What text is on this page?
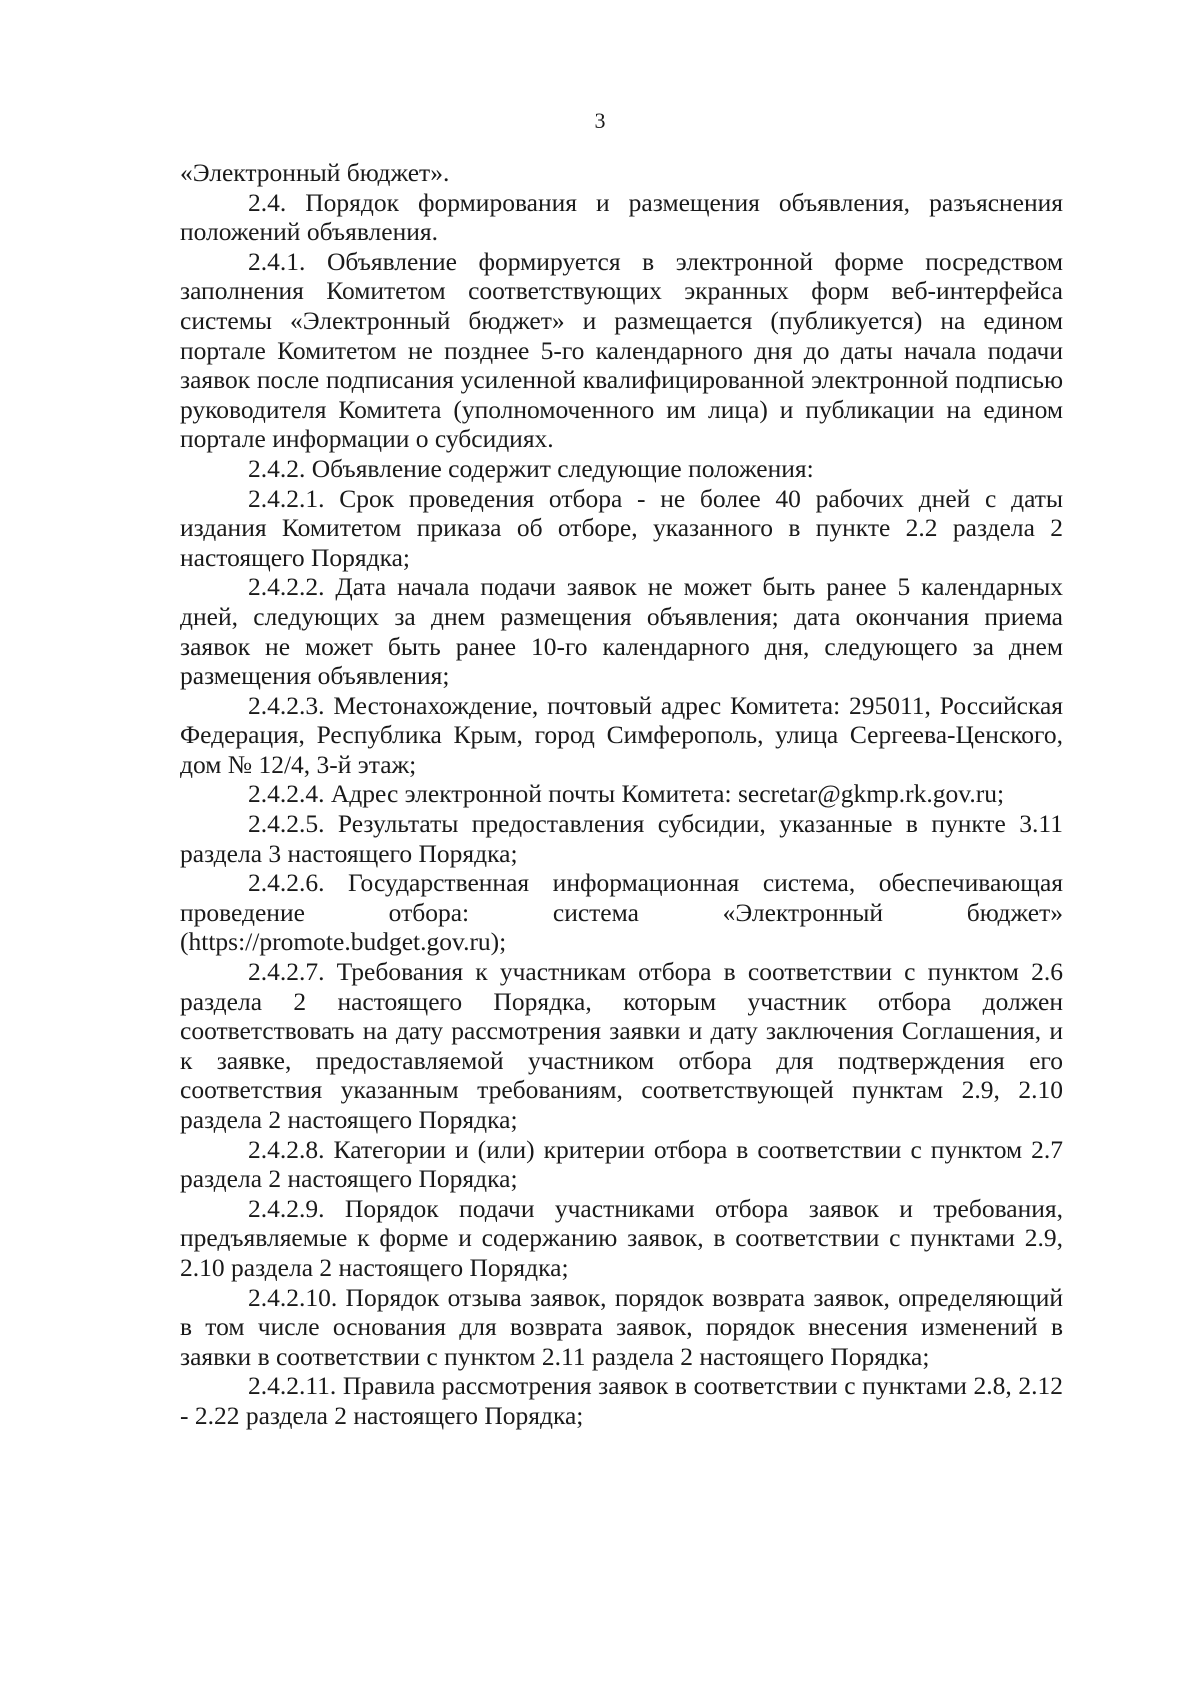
3

«Электронный бюджет».

2.4. Порядок формирования и размещения объявления, разъяснения положений объявления.

2.4.1. Объявление формируется в электронной форме посредством заполнения Комитетом соответствующих экранных форм веб-интерфейса системы «Электронный бюджет» и размещается (публикуется) на едином портале Комитетом не позднее 5-го календарного дня до даты начала подачи заявок после подписания усиленной квалифицированной электронной подписью руководителя Комитета (уполномоченного им лица) и публикации на едином портале информации о субсидиях.

2.4.2. Объявление содержит следующие положения:

2.4.2.1. Срок проведения отбора - не более 40 рабочих дней с даты издания Комитетом приказа об отборе, указанного в пункте 2.2 раздела 2 настоящего Порядка;

2.4.2.2. Дата начала подачи заявок не может быть ранее 5 календарных дней, следующих за днем размещения объявления; дата окончания приема заявок не может быть ранее 10-го календарного дня, следующего за днем размещения объявления;

2.4.2.3. Местонахождение, почтовый адрес Комитета: 295011, Российская Федерация, Республика Крым, город Симферополь, улица Сергеева-Ценского, дом № 12/4, 3-й этаж;

2.4.2.4. Адрес электронной почты Комитета: secretar@gkmp.rk.gov.ru;

2.4.2.5. Результаты предоставления субсидии, указанные в пункте 3.11 раздела 3 настоящего Порядка;

2.4.2.6. Государственная информационная система, обеспечивающая проведение отбора: система «Электронный бюджет» (https://promote.budget.gov.ru);

2.4.2.7. Требования к участникам отбора в соответствии с пунктом 2.6 раздела 2 настоящего Порядка, которым участник отбора должен соответствовать на дату рассмотрения заявки и дату заключения Соглашения, и к заявке, предоставляемой участником отбора для подтверждения его соответствия указанным требованиям, соответствующей пунктам 2.9, 2.10 раздела 2 настоящего Порядка;

2.4.2.8. Категории и (или) критерии отбора в соответствии с пунктом 2.7 раздела 2 настоящего Порядка;

2.4.2.9. Порядок подачи участниками отбора заявок и требования, предъявляемые к форме и содержанию заявок, в соответствии с пунктами 2.9, 2.10 раздела 2 настоящего Порядка;

2.4.2.10. Порядок отзыва заявок, порядок возврата заявок, определяющий в том числе основания для возврата заявок, порядок внесения изменений в заявки в соответствии с пунктом 2.11 раздела 2 настоящего Порядка;

2.4.2.11. Правила рассмотрения заявок в соответствии с пунктами 2.8, 2.12 - 2.22 раздела 2 настоящего Порядка;
